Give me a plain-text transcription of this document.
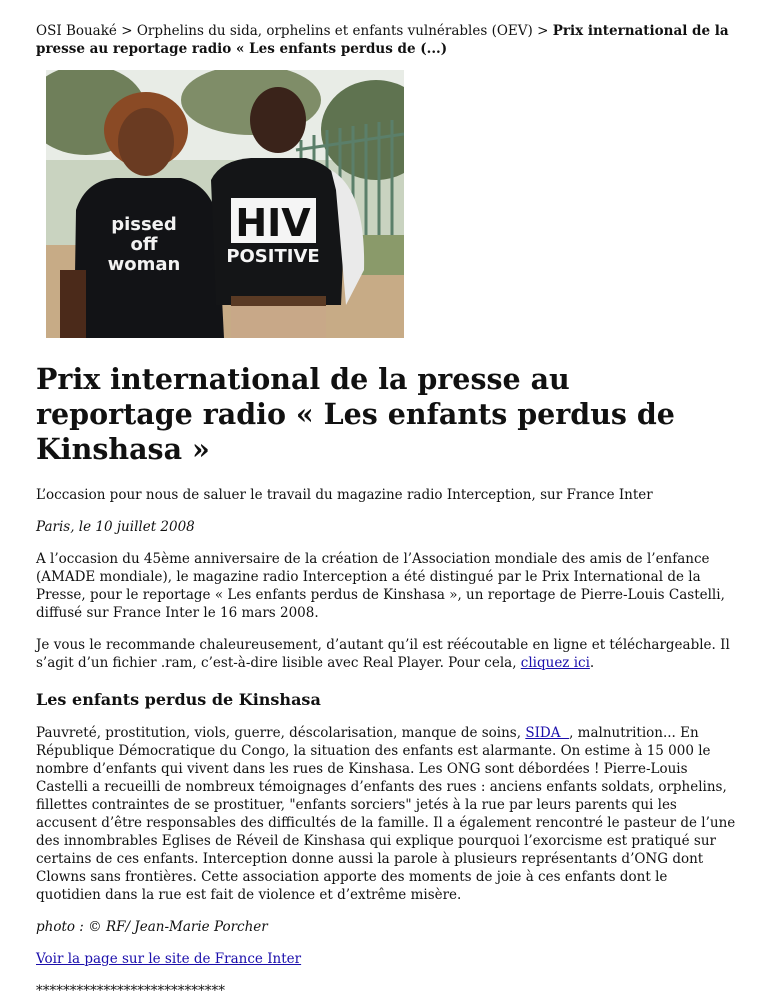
OSI Bouaké > Orphelins du sida, orphelins et enfants vulnérables (OEV) > Prix international de la presse au reportage radio « Les enfants perdus de (...)
pissed
off
woman
HIV
POSITIVE
Prix international de la presse au reportage radio « Les enfants perdus de Kinshasa »

L’occasion pour nous de saluer le travail du magazine radio Interception, sur France Inter

Paris, le 10 juillet 2008

A l’occasion du 45ème anniversaire de la création de l’Association mondiale des amis de l’enfance (AMADE mondiale), le magazine radio Interception a été distingué par le Prix International de la Presse, pour le reportage « Les enfants perdus de Kinshasa », un reportage de Pierre-Louis Castelli, diffusé sur France Inter le 16 mars 2008.

Je vous le recommande chaleureusement, d’autant qu’il est réécoutable en ligne et téléchargeable. Il s’agit d’un fichier .ram, c’est-à-dire lisible avec Real Player. Pour cela, cliquez ici.

Les enfants perdus de Kinshasa

Pauvreté, prostitution, viols, guerre, déscolarisation, manque de soins, SIDA  , malnutrition... En République Démocratique du Congo, la situation des enfants est alarmante. On estime à 15 000 le nombre d’enfants qui vivent dans les rues de Kinshasa. Les ONG sont débordées ! Pierre-Louis Castelli a recueilli de nombreux témoignages d’enfants des rues : anciens enfants soldats, orphelins, fillettes contraintes de se prostituer, "enfants sorciers" jetés à la rue par leurs parents qui les accusent d’être responsables des difficultés de la famille. Il a également rencontré le pasteur de l’une des innombrables Eglises de Réveil de Kinshasa qui explique pourquoi l’exorcisme est pratiqué sur certains de ces enfants. Interception donne aussi la parole à plusieurs représentants d’ONG dont Clowns sans frontières. Cette association apporte des moments de joie à ces enfants dont le quotidien dans la rue est fait de violence et d’extrême misère.

photo : © RF/ Jean-Marie Porcher

Voir la page sur le site de France Inter

****************************
